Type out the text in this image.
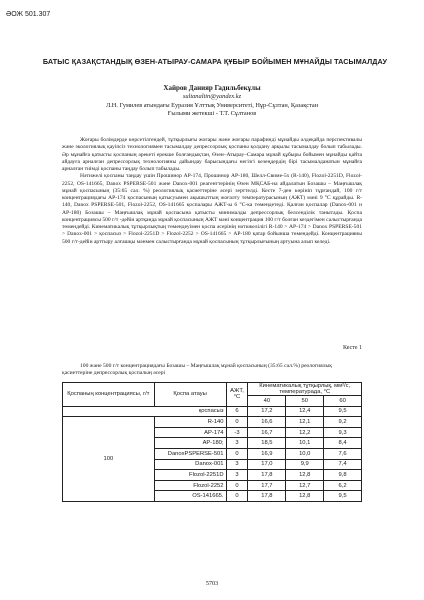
ӘОЖ 501.307
БАТЫС ҚАЗАҚСТАНДЫҚ ӨЗЕН-АТЫРАУ-САМАРА ҚҰБЫР БОЙЫМЕН МҰНАЙДЫ ТАСЫМАЛДАУ
Хайров Данияр Гадильбекұлы
sultanaltin@yandex.kz
Л.Н. Гумилев атындағы Еуразия Ұлттық Университеті, Нұр-Сұлтан, Қазақстан
Ғылыми жетекші - Т.Т. Сұлтанов

Жоғары болімдерде көрсетілгендей, тұтқырлығы жоғары және жоғары парафинді мұнайды әлдеқайда перспективалы және экологиялық қауіпсіз технологиямен тасымалдау депрессорлық қоспаны қолдану арқылы тасымалдау болып табылады. Әр мұнайға қатысты қоспаның әрекеті ерекше болғандықтан, Өзен–Атырау–Самара мұнай құбыры бойымен мұнайды қайта айдауға арналған депрессорлық технологияны дайындау барысындағы негізгі кезеңдердің бірі тасымалданатын мұнайға арналған тиімді қоспаны таңдау болып табылады.

Нәтижелі қоспаны таңдау үшін Прошинор АР-174, Прошинор АР-180, Шелл-Свиме-5х (R-140), Flozol-2251D, Flozol-2252, OS-141665, Danox PSPERSE-501 және Danox-001 реагенттерінің Өзен МҚСАБ-на айдалатын Бозашы – Маңғышлақ мұнай қоспасының (35:65 сал. %) реологиялық қасиеттеріне әсері зерттелді. Кесте 7-ден көрініп тұрғандай, 100 г/т концентрациядағы АР-174 қоспасының қатысуымен ақышыттың жоғалту температурасының (АЖТ) мәні 9 °С құрайды. R-140, Danox PSPERSE-501, Flozol-2252, OS-141665 қоспалары АЖТ-ы 6 °С-ка төмендетеді. Қалған қоспалар (Danox-001 и АР-180) Бозашы – Маңғышлақ мұнай қоспасына қатысты минималды депрессорлық белсенділік танытады. Қоспа концентрациясы 500 г/т -дейін артқанда мұнай қоспасының АЖТ мәні концентрация 100 г/т болған кездегімен салыстырғанда төмендейді. Кинематикалық тұтқырлықтың төмендеуімен қоспа әсерінің нәтижелілігі R-140 > АР-174 > Danox PSPERSE-501 > Danox-001 > қоспасыз > Flozol-2251D > Flozol-2252 > OS-141665 > АР-180 қатар бойынша төмендейді. Концентрацияны 500 г/т-дейін арттыру алғашқы мәнмен салыстырғанда мұнай қоспасының тұтқырлығының артуына алып келеді.

Кесте 1
100 және 500 г/т концентрациядағы Бозашы – Маңғышлақ мұнай қоспасының (35:65 сал.%) реологиялық қасиеттеріне депрессорлық қоспалың әсері
Қоспаның концентрациясы, г/т	Қоспа атауы	АЖТ, °С	Кинематикалық тұтқырлық, мм²/с, температурада, °С		
			40	50	60
қоспасыз		6	17,2	12,4	9,5
100	R-140	0	16,6	12,1	9,2
	АР-174	-3	16,7	12,2	9,3
	АР-180;	3	18,5	10,1	8,4
	DanoxPSPERSE-501	0	16,9	10,0	7,6
	Danox-001	3	17,0	9,9	7,4
	Flozol-2251D	3	17,8	12,8	9,8
	Flozol-2252	0	17,7	12,7	6,2
	OS-141665.	0	17,8	12,8	9,5
5703
